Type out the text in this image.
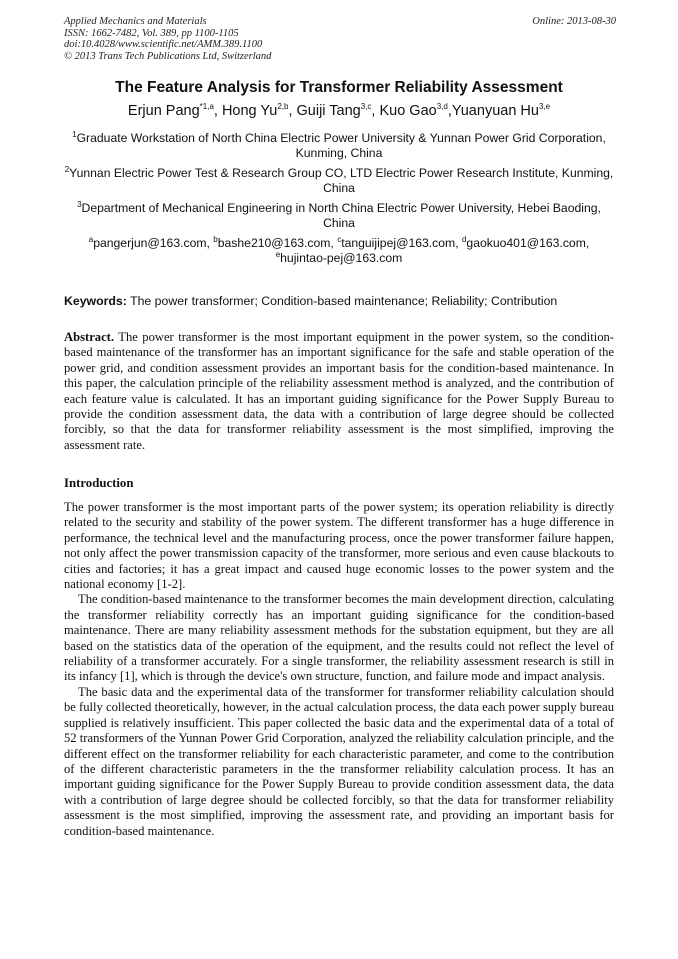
Applied Mechanics and Materials
ISSN: 1662-7482, Vol. 389, pp 1100-1105
doi:10.4028/www.scientific.net/AMM.389.1100
© 2013 Trans Tech Publications Ltd, Switzerland
Online: 2013-08-30
The Feature Analysis for Transformer Reliability Assessment
Erjun Pang$^{*1,a}$, Hong Yu$^{2,b}$, Guiji Tang$^{3,c}$, Kuo Gao$^{3,d}$,Yuanyuan Hu$^{3,e}$
$^1$Graduate Workstation of North China Electric Power University & Yunnan Power Grid Corporation, Kunming, China
$^2$Yunnan Electric Power Test & Research Group CO, LTD Electric Power Research Institute, Kunming, China
$^3$Department of Mechanical Engineering in North China Electric Power University, Hebei Baoding, China
$^a$pangerjun@163.com, $^b$bashe210@163.com, $^c$tanguijipej@163.com, $^d$gaokuo401@163.com,
$^e$hujintao-pej@163.com
Keywords: The power transformer; Condition-based maintenance; Reliability; Contribution

Abstract. The power transformer is the most important equipment in the power system, so the condition-based maintenance of the transformer has an important significance for the safe and stable operation of the power grid, and condition assessment provides an important basis for the condition-based maintenance. In this paper, the calculation principle of the reliability assessment method is analyzed, and the contribution of each feature value is calculated. It has an important guiding significance for the Power Supply Bureau to provide the condition assessment data, the data with a contribution of large degree should be collected forcibly, so that the data for transformer reliability assessment is the most simplified, improving the assessment rate.

Introduction

The power transformer is the most important parts of the power system; its operation reliability is directly related to the security and stability of the power system. The different transformer has a huge difference in performance, the technical level and the manufacturing process, once the power transformer failure happen, not only affect the power transmission capacity of the transformer, more serious and even cause blackouts to cities and factories; it has a great impact and caused huge economic losses to the power system and the national economy [1-2].

The condition-based maintenance to the transformer becomes the main development direction, calculating the transformer reliability correctly has an important guiding significance for the condition-based maintenance. There are many reliability assessment methods for the substation equipment, but they are all based on the statistics data of the operation of the equipment, and the results could not reflect the level of reliability of a transformer accurately. For a single transformer, the reliability assessment research is still in its infancy [1], which is through the device's own structure, function, and failure mode and impact analysis.

The basic data and the experimental data of the transformer for transformer reliability calculation should be fully collected theoretically, however, in the actual calculation process, the data each power supply bureau supplied is relatively insufficient. This paper collected the basic data and the experimental data of a total of 52 transformers of the Yunnan Power Grid Corporation, analyzed the reliability calculation principle, and the different effect on the transformer reliability for each characteristic parameter, and come to the contribution of the different characteristic parameters in the the transformer reliability calculation process. It has an important guiding significance for the Power Supply Bureau to provide condition assessment data, the data with a contribution of large degree should be collected forcibly, so that the data for transformer reliability assessment is the most simplified, improving the assessment rate, and providing an important basis for condition-based maintenance.
